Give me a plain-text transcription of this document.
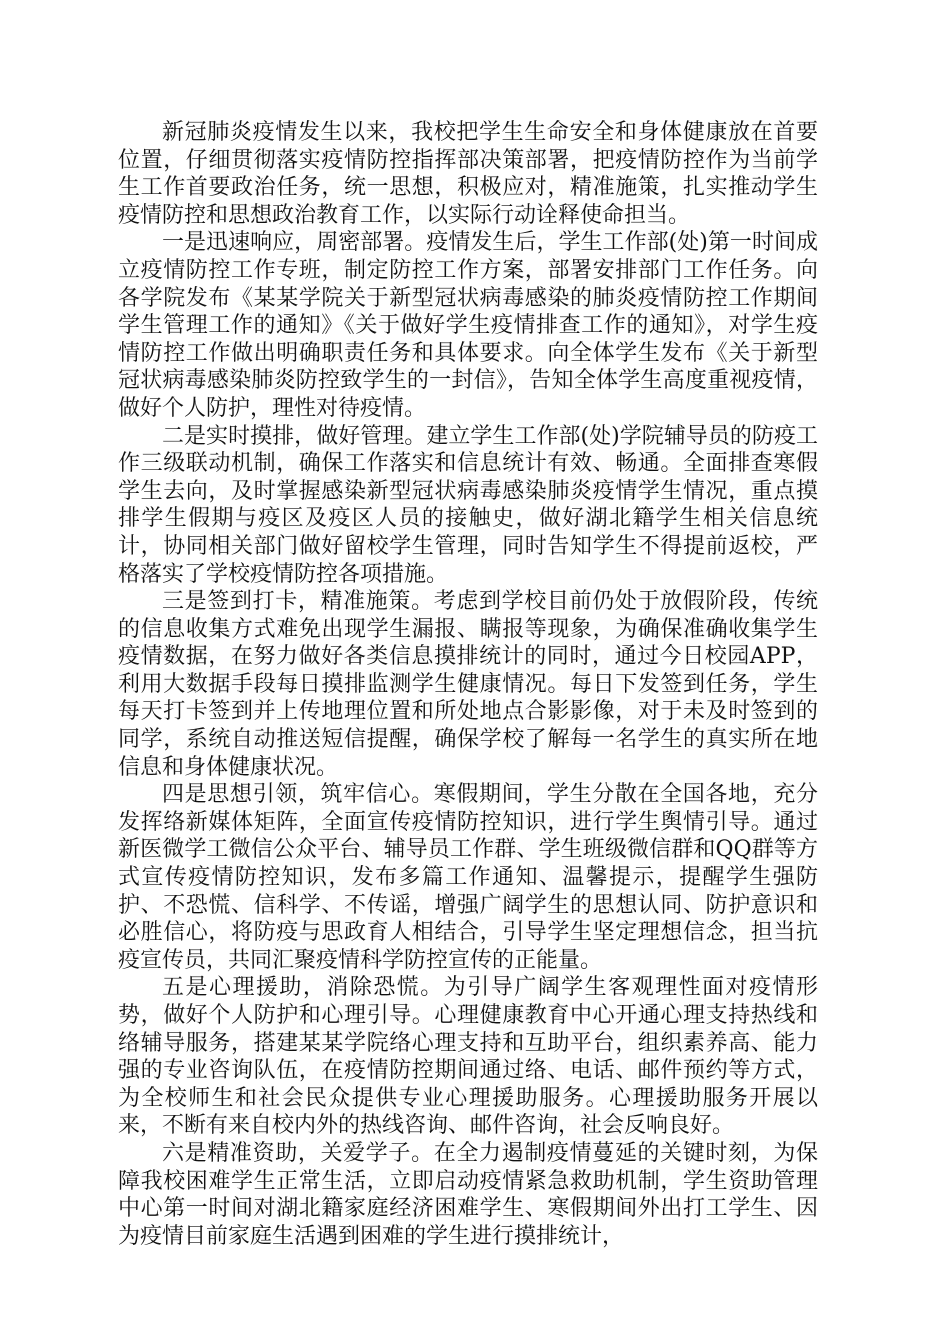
新冠肺炎疫情发生以来，我校把学生生命安全和身体健康放在首要位置，仔细贯彻落实疫情防控指挥部决策部署，把疫情防控作为当前学生工作首要政治任务，统一思想，积极应对，精准施策，扎实推动学生疫情防控和思想政治教育工作，以实际行动诠释使命担当。

一是迅速响应，周密部署。疫情发生后，学生工作部(处)第一时间成立疫情防控工作专班，制定防控工作方案，部署安排部门工作任务。向各学院发布《某某学院关于新型冠状病毒感染的肺炎疫情防控工作期间学生管理工作的通知》《关于做好学生疫情排查工作的通知》，对学生疫情防控工作做出明确职责任务和具体要求。向全体学生发布《关于新型冠状病毒感染肺炎防控致学生的一封信》，告知全体学生高度重视疫情，做好个人防护，理性对待疫情。

二是实时摸排，做好管理。建立学生工作部(处)学院辅导员的防疫工作三级联动机制，确保工作落实和信息统计有效、畅通。全面排查寒假学生去向，及时掌握感染新型冠状病毒感染肺炎疫情学生情况，重点摸排学生假期与疫区及疫区人员的接触史，做好湖北籍学生相关信息统计，协同相关部门做好留校学生管理，同时告知学生不得提前返校，严格落实了学校疫情防控各项措施。

三是签到打卡，精准施策。考虑到学校目前仍处于放假阶段，传统的信息收集方式难免出现学生漏报、瞒报等现象，为确保准确收集学生疫情数据，在努力做好各类信息摸排统计的同时，通过今日校园APP，利用大数据手段每日摸排监测学生健康情况。每日下发签到任务，学生每天打卡签到并上传地理位置和所处地点合影影像，对于未及时签到的同学，系统自动推送短信提醒，确保学校了解每一名学生的真实所在地信息和身体健康状况。

四是思想引领，筑牢信心。寒假期间，学生分散在全国各地，充分发挥络新媒体矩阵，全面宣传疫情防控知识，进行学生舆情引导。通过新医微学工微信公众平台、辅导员工作群、学生班级微信群和QQ群等方式宣传疫情防控知识，发布多篇工作通知、温馨提示，提醒学生强防护、不恐慌、信科学、不传谣，增强广阔学生的思想认同、防护意识和必胜信心，将防疫与思政育人相结合，引导学生坚定理想信念，担当抗疫宣传员，共同汇聚疫情科学防控宣传的正能量。

五是心理援助，消除恐慌。为引导广阔学生客观理性面对疫情形势，做好个人防护和心理引导。心理健康教育中心开通心理支持热线和络辅导服务，搭建某某学院络心理支持和互助平台，组织素养高、能力强的专业咨询队伍，在疫情防控期间通过络、电话、邮件预约等方式，为全校师生和社会民众提供专业心理援助服务。心理援助服务开展以来，不断有来自校内外的热线咨询、邮件咨询，社会反响良好。

六是精准资助，关爱学子。在全力遏制疫情蔓延的关键时刻，为保障我校困难学生正常生活，立即启动疫情紧急救助机制，学生资助管理中心第一时间对湖北籍家庭经济困难学生、寒假期间外出打工学生、因为疫情目前家庭生活遇到困难的学生进行摸排统计，
